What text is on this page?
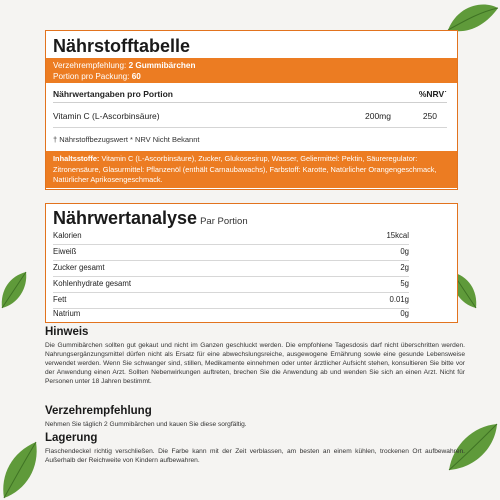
Nährstofftabelle
Verzehrempfehlung: 2 Gummibärchen
Portion pro Packung: 60
Nährwertangaben pro Portion	%NRV˙
Vitamin C (L-Ascorbinsäure)	200mg	250
† Nährstoffbezugswert * NRV Nicht Bekannt
Inhaltsstoffe: Vitamin C (L-Ascorbinsäure), Zucker, Glukosesirup, Wasser, Geliermittel: Pektin, Säureregulator: Zitronensäure, Glasurmittel: Pflanzenöl (enthält Carnaubawachs), Farbstoff: Karotte, Natürlicher Orangengeschmack, Natürlicher Aprikosengeschmack.
Nährwertanalyse Par Portion
Kalorien	15kcal
Eiweiß	0g
Zucker gesamt	2g
Kohlenhydrate gesamt	5g
Fett	0.01g
Natrium	0g
Hinweis
Die Gummibärchen sollten gut gekaut und nicht im Ganzen geschluckt werden. Die empfohlene Tagesdosis darf nicht überschritten werden. Nahrungsergänzungsmittel dürfen nicht als Ersatz für eine abwechslungsreiche, ausgewogene Ernährung sowie eine gesunde Lebensweise verwendet werden. Wenn Sie schwanger sind, stillen, Medikamente einnehmen oder unter ärztlicher Aufsicht stehen, konsultieren Sie bitte vor der Anwendung einen Arzt. Sollten Nebenwirkungen auftreten, brechen Sie die Anwendung ab und wenden Sie sich an einen Arzt. Nicht für Personen unter 18 Jahren bestimmt.
Verzehrempfehlung
Nehmen Sie täglich 2 Gummibärchen und kauen Sie diese sorgfältig.
Lagerung
Flaschendeckel richtig verschließen. Die Farbe kann mit der Zeit verblassen, am besten an einem kühlen, trockenen Ort aufbewahren. Außerhalb der Reichweite von Kindern aufbewahren.
